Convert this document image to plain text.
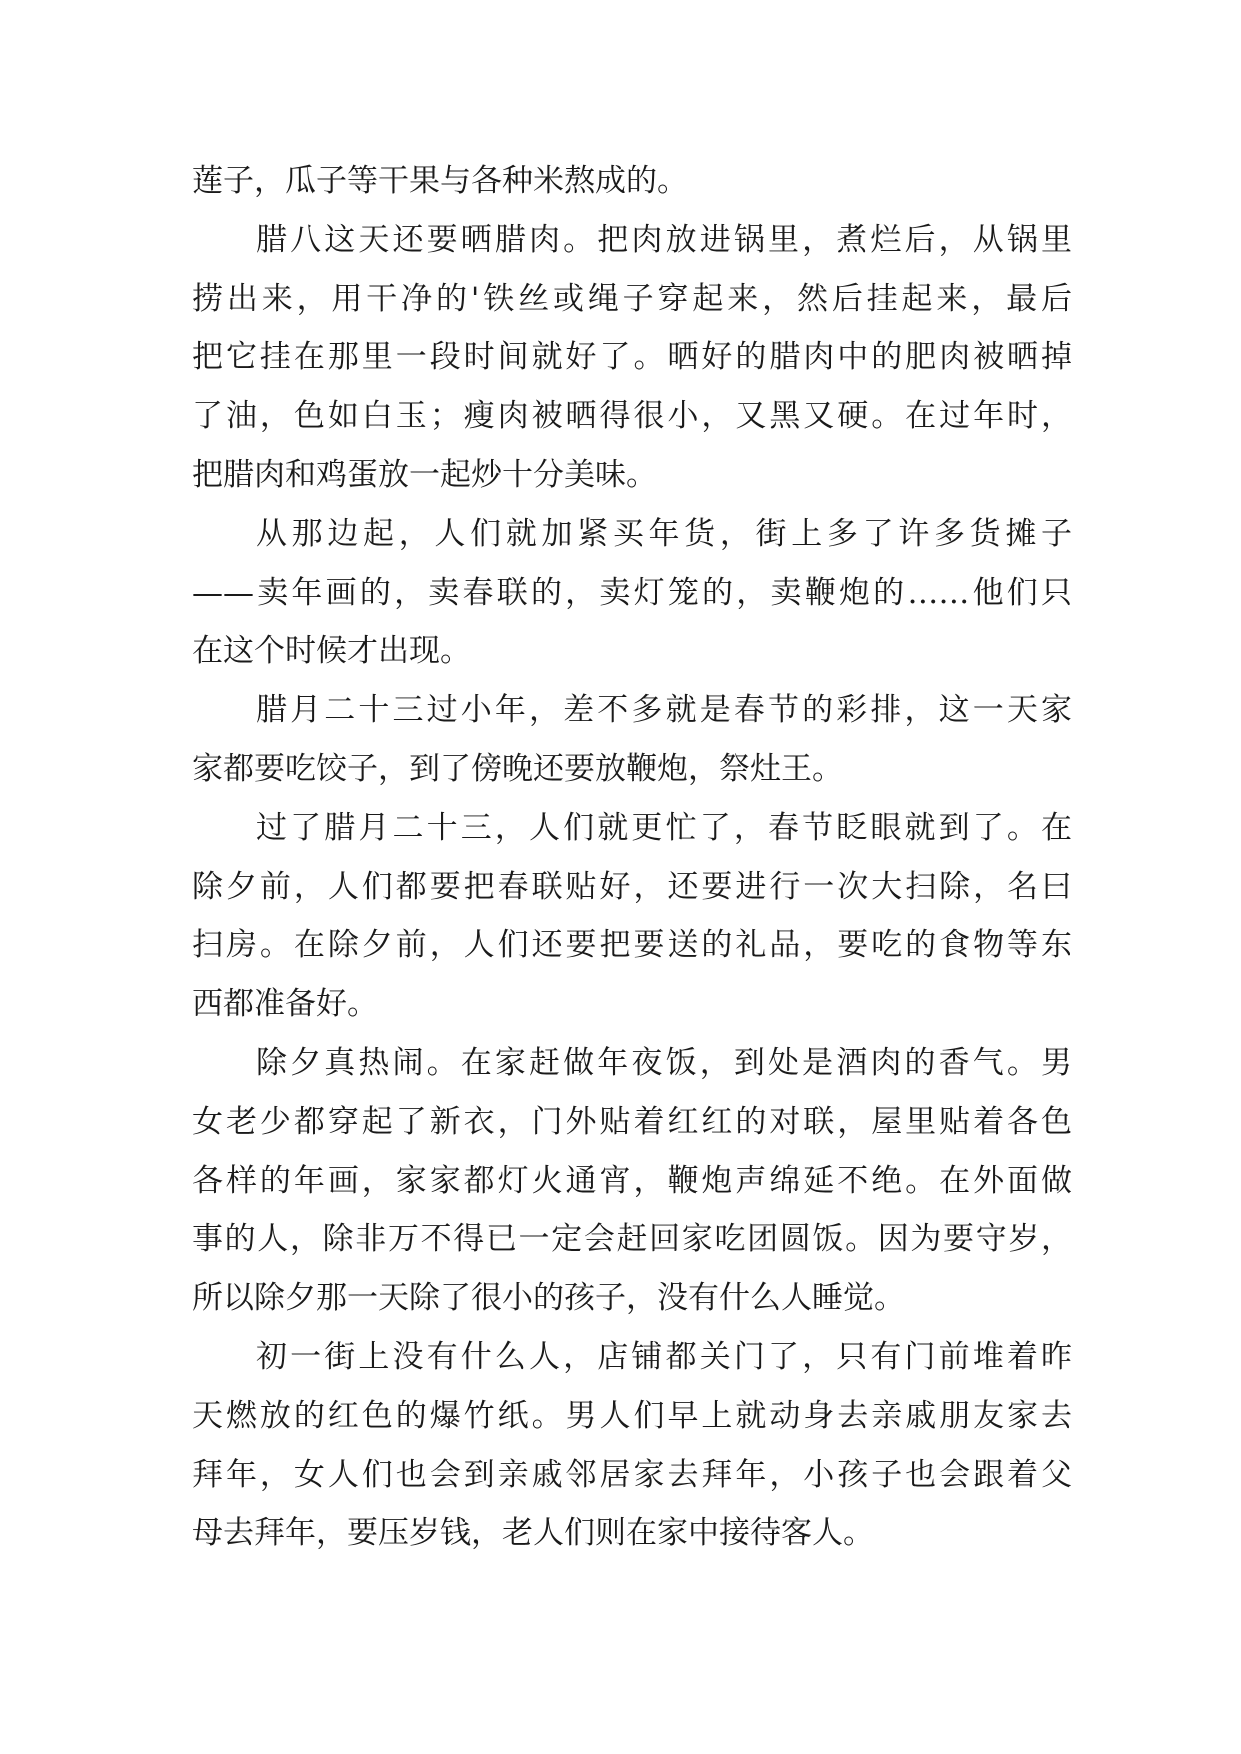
莲子，瓜子等干果与各种米熬成的。
腊八这天还要晒腊肉。把肉放进锅里，煮烂后，从锅里
捞出来，用干净的'铁丝或绳子穿起来，然后挂起来，最后
把它挂在那里一段时间就好了。晒好的腊肉中的肥肉被晒掉
了油，色如白玉；瘦肉被晒得很小，又黑又硬。在过年时，
把腊肉和鸡蛋放一起炒十分美味。
从那边起，人们就加紧买年货，街上多了许多货摊子
——卖年画的，卖春联的，卖灯笼的，卖鞭炮的……他们只
在这个时候才出现。
腊月二十三过小年，差不多就是春节的彩排，这一天家
家都要吃饺子，到了傍晚还要放鞭炮，祭灶王。
过了腊月二十三，人们就更忙了，春节眨眼就到了。在
除夕前，人们都要把春联贴好，还要进行一次大扫除，名曰
扫房。在除夕前，人们还要把要送的礼品，要吃的食物等东
西都准备好。
除夕真热闹。在家赶做年夜饭，到处是酒肉的香气。男
女老少都穿起了新衣，门外贴着红红的对联，屋里贴着各色
各样的年画，家家都灯火通宵，鞭炮声绵延不绝。在外面做
事的人，除非万不得已一定会赶回家吃团圆饭。因为要守岁，
所以除夕那一天除了很小的孩子，没有什么人睡觉。
初一街上没有什么人，店铺都关门了，只有门前堆着昨
天燃放的红色的爆竹纸。男人们早上就动身去亲戚朋友家去
拜年，女人们也会到亲戚邻居家去拜年，小孩子也会跟着父
母去拜年，要压岁钱，老人们则在家中接待客人。
